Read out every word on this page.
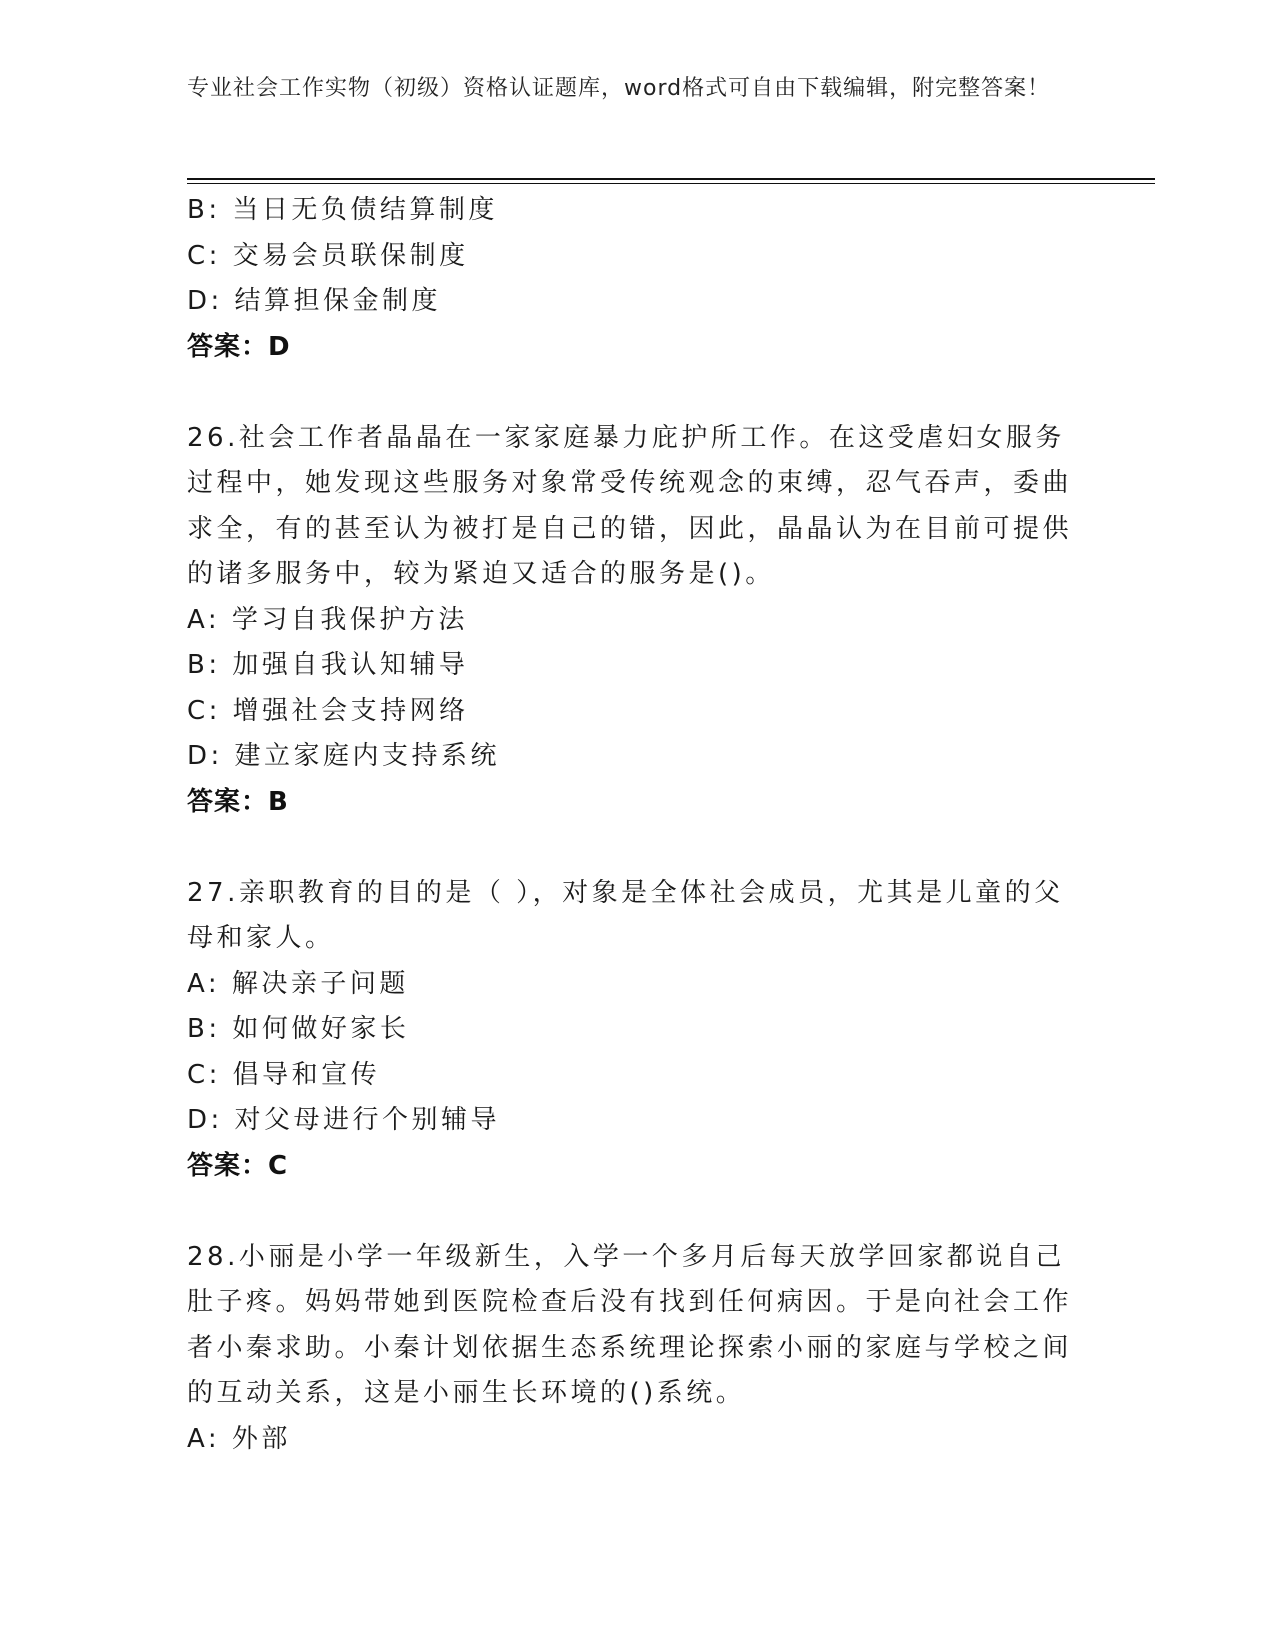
专业社会工作实物（初级）资格认证题库，word格式可自由下载编辑，附完整答案！
B: 当日无负债结算制度
C: 交易会员联保制度
D: 结算担保金制度
答案：D
26.社会工作者晶晶在一家家庭暴力庇护所工作。在这受虐妇女服务过程中，她发现这些服务对象常受传统观念的束缚，忍气吞声，委曲求全，有的甚至认为被打是自己的错，因此，晶晶认为在目前可提供的诸多服务中，较为紧迫又适合的服务是()。
A: 学习自我保护方法
B: 加强自我认知辅导
C: 增强社会支持网络
D: 建立家庭内支持系统
答案：B
27.亲职教育的目的是（ ），对象是全体社会成员，尤其是儿童的父母和家人。
A: 解决亲子问题
B: 如何做好家长
C: 倡导和宣传
D: 对父母进行个别辅导
答案：C
28.小丽是小学一年级新生，入学一个多月后每天放学回家都说自己肚子疼。妈妈带她到医院检查后没有找到任何病因。于是向社会工作者小秦求助。小秦计划依据生态系统理论探索小丽的家庭与学校之间的互动关系，这是小丽生长环境的()系统。
A: 外部
